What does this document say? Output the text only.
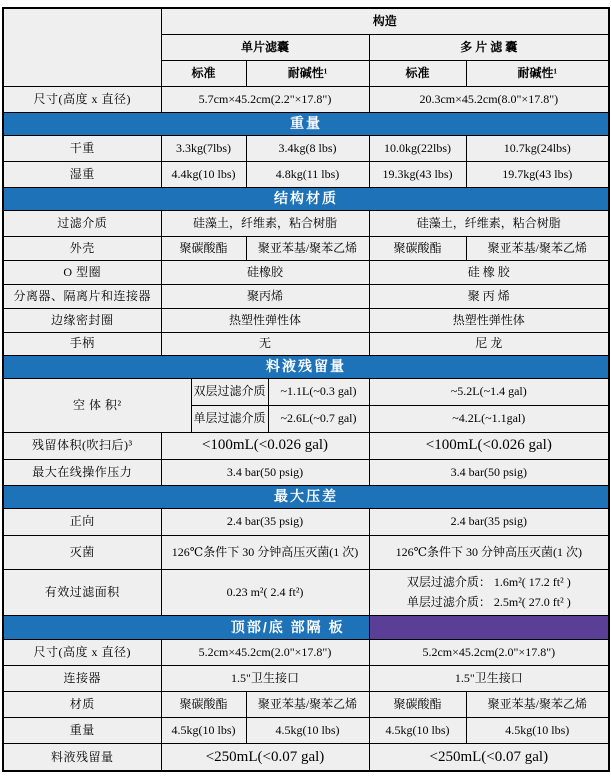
	构造					
	单片滤囊				多 片 滤 囊	
	标准		耐碱性¹		标准	耐碱性¹
尺寸(高度 x 直径)	5.7cm×45.2cm(2.2"×17.8")				20.3cm×45.2cm(8.0"×17.8")	
重量						
干重	3.3kg(7lbs)		3.4kg(8 lbs)		10.0kg(22lbs)	10.7kg(24lbs)
湿重	4.4kg(10 lbs)		4.8kg(11 lbs)		19.3kg(43 lbs)	19.7kg(43 lbs)
结构材质						
过滤介质	硅藻土，纤维素，粘合树脂				硅藻土，纤维素，粘合树脂	
外壳	聚碳酸酯		聚亚苯基/聚苯乙烯		聚碳酸酯	聚亚苯基/聚苯乙烯
O 型圈	硅橡胶				硅 橡 胶	
分离器、隔离片和连接器	聚丙烯				聚 丙 烯	
边缘密封圈	热塑性弹性体				热塑性弹性体	
手柄	无				尼 龙	
料液残留量						
空 体 积²		双层过滤介质		~1.1L(~0.3 gal)	~5.2L(~1.4 gal)	
		单层过滤介质		~2.6L(~0.7 gal)	~4.2L(~1.1gal)	
残留体积(吹扫后)³	<100mL(<0.026 gal)				<100mL(<0.026 gal)	
最大在线操作压力	3.4 bar(50 psig)				3.4 bar(50 psig)	
最大压差						
正向	2.4 bar(35 psig)				2.4 bar(35 psig)	
灭菌	126℃条件下 30 分钟高压灭菌(1 次)				126℃条件下 30 分钟高压灭菌(1 次)	
有效过滤面积	0.23 m²( 2.4 ft²)				双层过滤介质： 1.6m²( 17.2 ft² )
单层过滤介质： 2.5m²( 27.0 ft² )	

顶部/底 部隔 板						
尺寸(高度 x 直径)	5.2cm×45.2cm(2.0"×17.8")				5.2cm×45.2cm(2.0"×17.8")	
连接器	1.5"卫生接口				1.5"卫生接口	
材质	聚碳酸酯		聚亚苯基/聚苯乙烯		聚碳酸酯	聚亚苯基/聚苯乙烯
重量	4.5kg(10 lbs)		4.5kg(10 lbs)		4.5kg(10 lbs)	4.5kg(10 lbs)
料液残留量	<250mL(<0.07 gal)				<250mL(<0.07 gal)	
